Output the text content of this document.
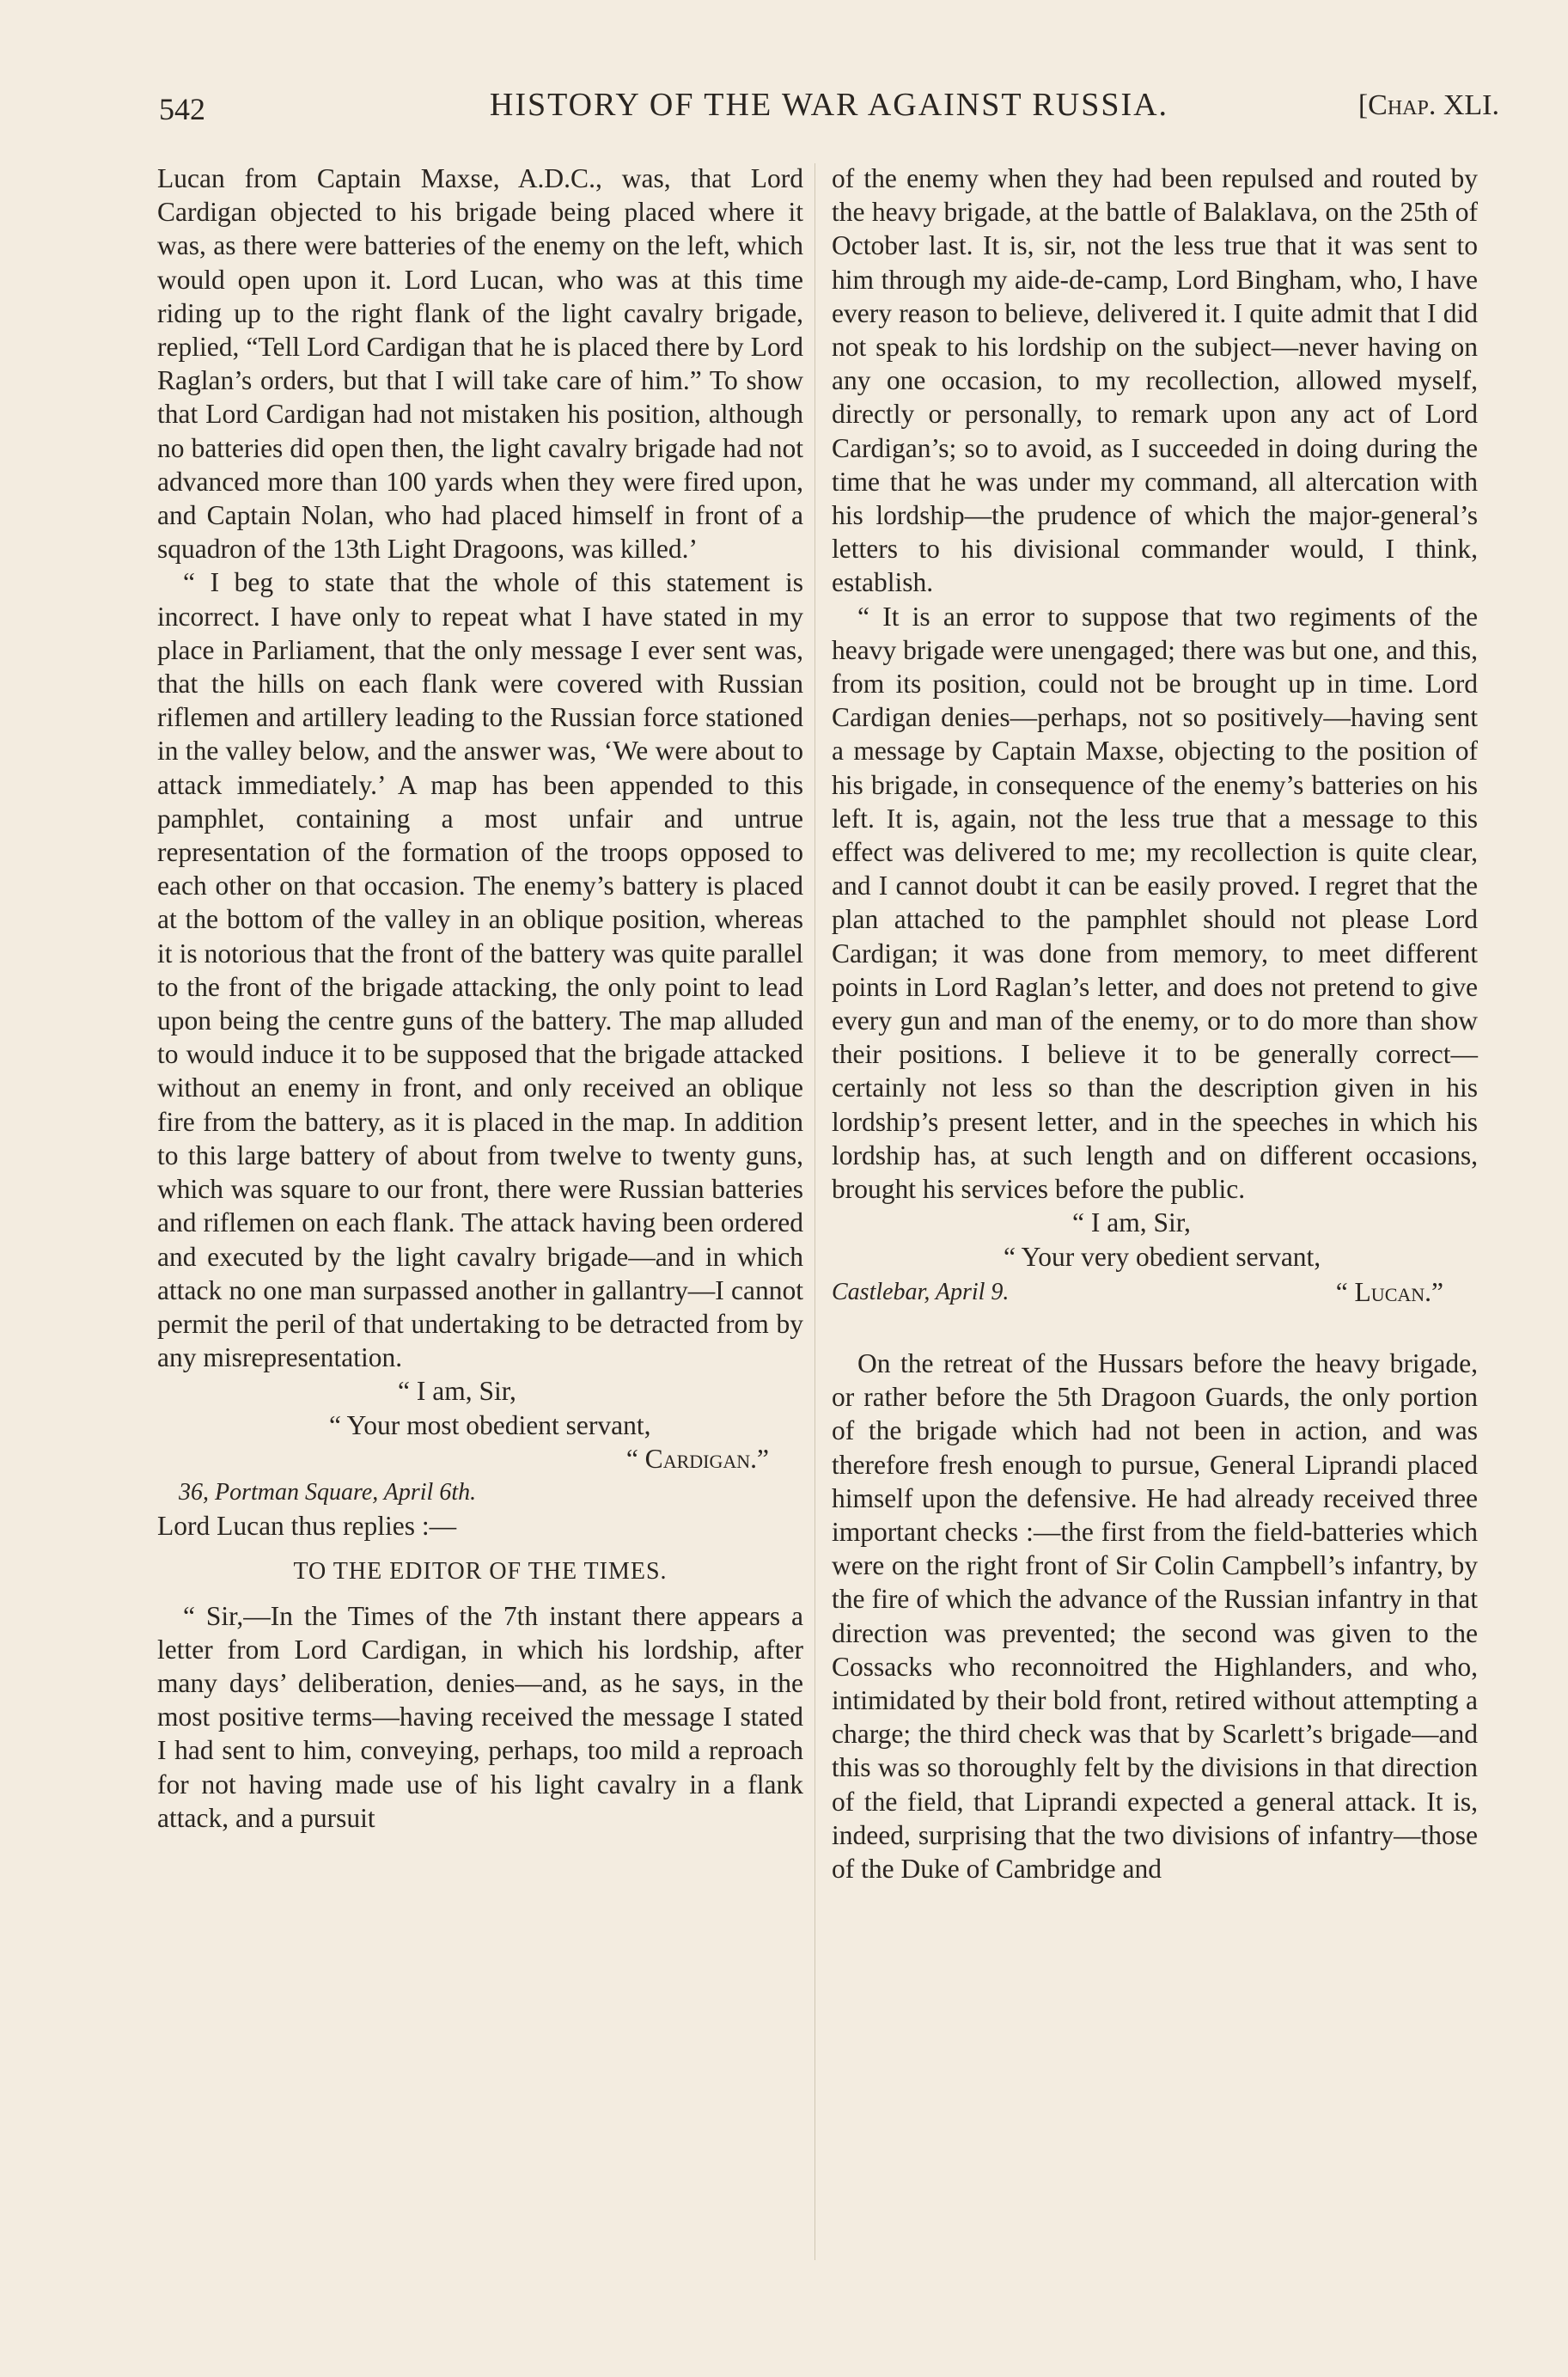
542	HISTORY OF THE WAR AGAINST RUSSIA.	[Chap. XLI.

Lucan from Captain Maxse, A.D.C., was, that Lord Cardigan objected to his brigade being placed where it was, as there were batteries of the enemy on the left, which would open upon it. Lord Lucan, who was at this time riding up to the right flank of the light cavalry brigade, replied, “Tell Lord Cardigan that he is placed there by Lord Raglan’s orders, but that I will take care of him.” To show that Lord Cardigan had not mistaken his position, although no batteries did open then, the light cavalry brigade had not advanced more than 100 yards when they were fired upon, and Captain Nolan, who had placed himself in front of a squadron of the 13th Light Dragoons, was killed.’

“ I beg to state that the whole of this statement is incorrect. I have only to repeat what I have stated in my place in Parliament, that the only message I ever sent was, that the hills on each flank were covered with Russian riflemen and artillery leading to the Russian force stationed in the valley below, and the answer was, ‘We were about to attack immediately.’ A map has been appended to this pamphlet, containing a most unfair and untrue representation of the formation of the troops opposed to each other on that occasion. The enemy’s battery is placed at the bottom of the valley in an oblique position, whereas it is notorious that the front of the battery was quite parallel to the front of the brigade attacking, the only point to lead upon being the centre guns of the battery. The map alluded to would induce it to be supposed that the brigade attacked without an enemy in front, and only received an oblique fire from the battery, as it is placed in the map. In addition to this large battery of about from twelve to twenty guns, which was square to our front, there were Russian batteries and riflemen on each flank. The attack having been ordered and executed by the light cavalry brigade—and in which attack no one man surpassed another in gallantry—I cannot permit the peril of that undertaking to be detracted from by any misrepresentation.

“ I am, Sir,

“ Your most obedient servant,

“ Cardigan.”

36, Portman Square, April 6th.

Lord Lucan thus replies :—

TO THE EDITOR OF THE TIMES.

“ Sir,—In the Times of the 7th instant there appears a letter from Lord Cardigan, in which his lordship, after many days’ deliberation, denies—and, as he says, in the most positive terms—having received the message I stated I had sent to him, conveying, perhaps, too mild a reproach for not having made use of his light cavalry in a flank attack, and a pursuit

of the enemy when they had been repulsed and routed by the heavy brigade, at the battle of Balaklava, on the 25th of October last. It is, sir, not the less true that it was sent to him through my aide-de-camp, Lord Bingham, who, I have every reason to believe, delivered it. I quite admit that I did not speak to his lordship on the subject—never having on any one occasion, to my recollection, allowed myself, directly or personally, to remark upon any act of Lord Cardigan’s; so to avoid, as I succeeded in doing during the time that he was under my command, all altercation with his lordship—the prudence of which the major-general’s letters to his divisional commander would, I think, establish.

“ It is an error to suppose that two regiments of the heavy brigade were unengaged; there was but one, and this, from its position, could not be brought up in time. Lord Cardigan denies—perhaps, not so positively—having sent a message by Captain Maxse, objecting to the position of his brigade, in consequence of the enemy’s batteries on his left. It is, again, not the less true that a message to this effect was delivered to me; my recollection is quite clear, and I cannot doubt it can be easily proved. I regret that the plan attached to the pamphlet should not please Lord Cardigan; it was done from memory, to meet different points in Lord Raglan’s letter, and does not pretend to give every gun and man of the enemy, or to do more than show their positions. I believe it to be generally correct—certainly not less so than the description given in his lordship’s present letter, and in the speeches in which his lordship has, at such length and on different occasions, brought his services before the public.

“ I am, Sir,

“ Your very obedient servant,

Castlebar, April 9.	“ Lucan.”

On the retreat of the Hussars before the heavy brigade, or rather before the 5th Dragoon Guards, the only portion of the brigade which had not been in action, and was therefore fresh enough to pursue, General Liprandi placed himself upon the defensive. He had already received three important checks :—the first from the field-batteries which were on the right front of Sir Colin Campbell’s infantry, by the fire of which the advance of the Russian infantry in that direction was prevented; the second was given to the Cossacks who reconnoitred the Highlanders, and who, intimidated by their bold front, retired without attempting a charge; the third check was that by Scarlett’s brigade—and this was so thoroughly felt by the divisions in that direction of the field, that Liprandi expected a general attack. It is, indeed, surprising that the two divisions of infantry—those of the Duke of Cambridge and
